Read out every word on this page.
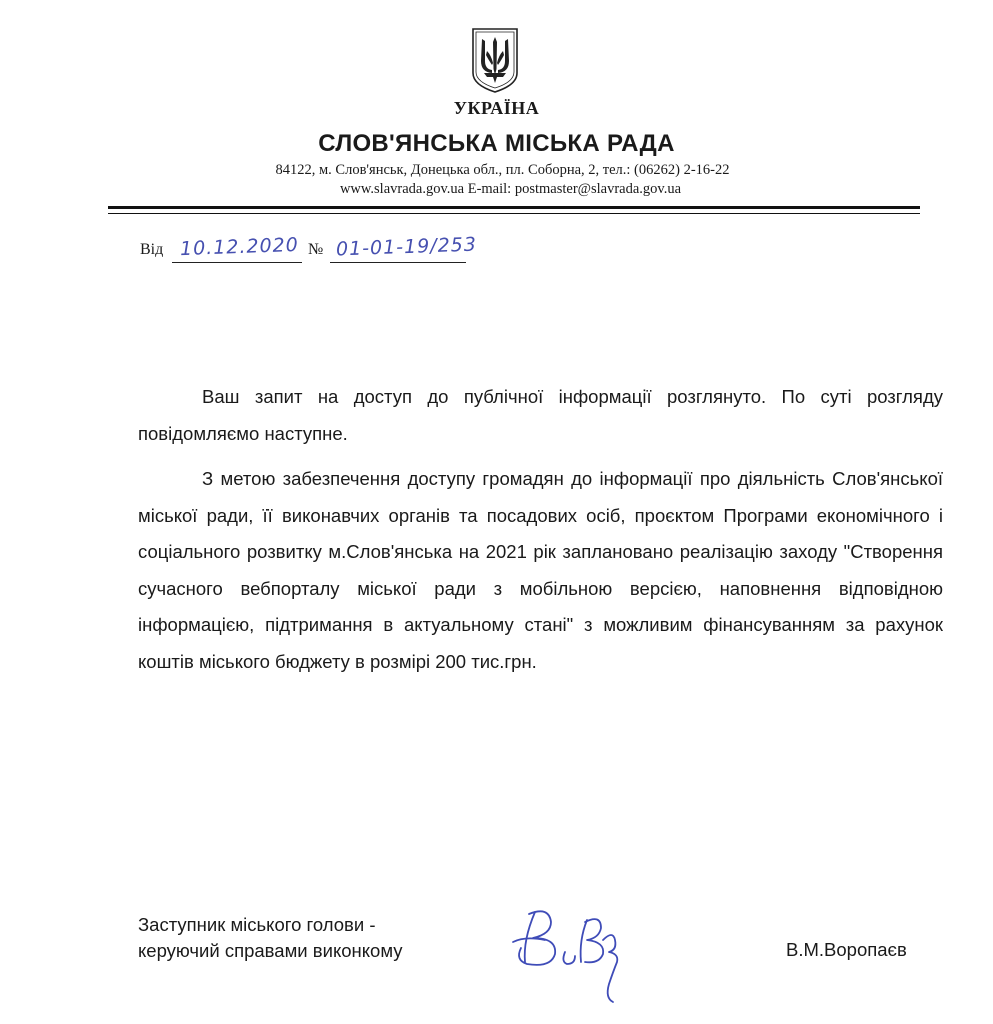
УКРАЇНА
СЛОВ'ЯНСЬКА МІСЬКА РАДА
84122, м. Слов'янськ, Донецька обл., пл. Соборна, 2, тел.: (06262) 2-16-22
www.slavrada.gov.ua E-mail: postmaster@slavrada.gov.ua
Від 10.12.2020 № 01-01-19/253

Ваш запит на доступ до публічної інформації розглянуто. По суті розгляду повідомляємо наступне.

З метою забезпечення доступу громадян до інформації про діяльність Слов'янської міської ради, її виконавчих органів та посадових осіб, проєктом Програми економічного і соціального розвитку м.Слов'янська на 2021 рік заплановано реалізацію заходу "Створення сучасного вебпорталу міської ради з мобільною версією, наповнення відповідною інформацією, підтримання в актуальному стані" з можливим фінансуванням за рахунок коштів міського бюджету в розмірі 200 тис.грн.

Заступник міського голови -
керуючий справами виконкому	В.М.Воропаєв
